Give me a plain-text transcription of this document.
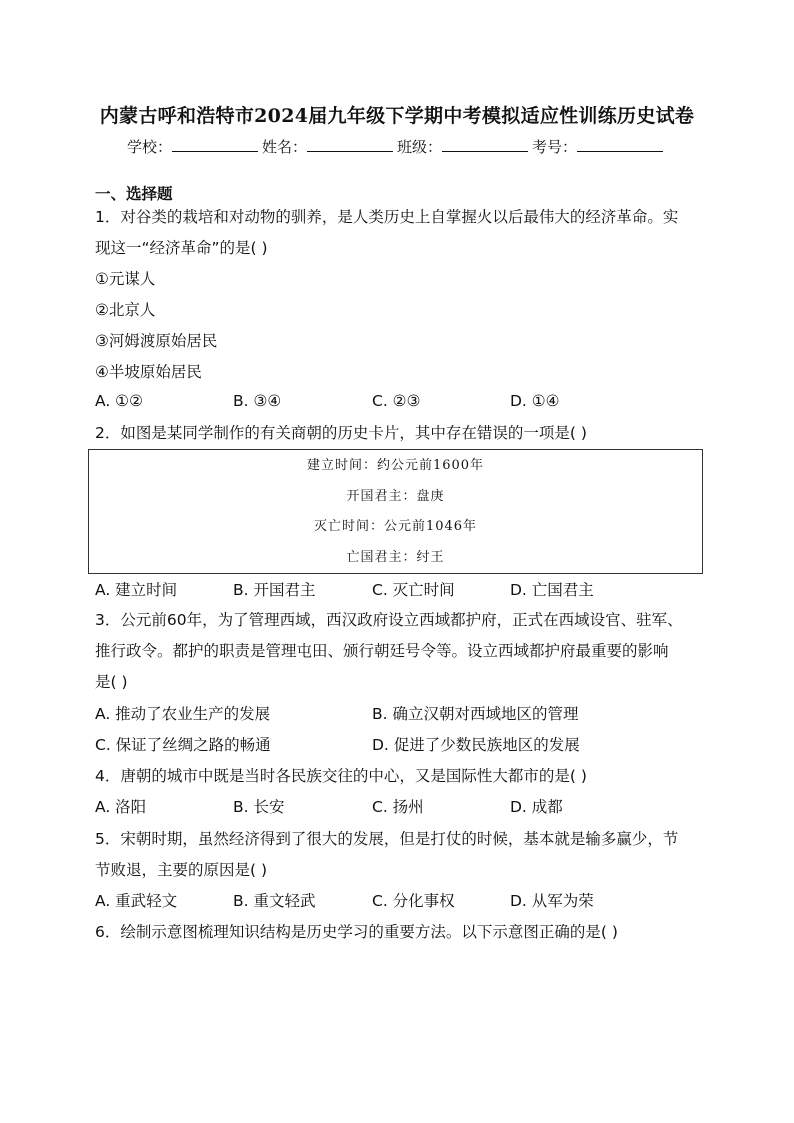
内蒙古呼和浩特市2024届九年级下学期中考模拟适应性训练历史试卷
学校：	姓名：	班级：	考号：
一、选择题
1．对谷类的栽培和对动物的驯养，是人类历史上自掌握火以后最伟大的经济革命。实
现这一“经济革命”的是( )
①元谋人
②北京人
③河姆渡原始居民
④半坡原始居民
A. ①②	B. ③④	C. ②③	D. ①④
2．如图是某同学制作的有关商朝的历史卡片，其中存在错误的一项是( )
建立时间：约公元前1600年
开国君主：盘庚
灭亡时间：公元前1046年
亡国君主：纣王
A. 建立时间	B. 开国君主	C. 灭亡时间	D. 亡国君主
3．公元前60年，为了管理西域，西汉政府设立西域都护府，正式在西域设官、驻军、
推行政令。都护的职责是管理屯田、颁行朝廷号令等。设立西域都护府最重要的影响
是( )
A. 推动了农业生产的发展	B. 确立汉朝对西域地区的管理
C. 保证了丝绸之路的畅通	D. 促进了少数民族地区的发展
4．唐朝的城市中既是当时各民族交往的中心，又是国际性大都市的是( )
A. 洛阳	B. 长安	C. 扬州	D. 成都
5．宋朝时期，虽然经济得到了很大的发展，但是打仗的时候，基本就是输多赢少，节
节败退，主要的原因是( )
A. 重武轻文	B. 重文轻武	C. 分化事权	D. 从军为荣
6．绘制示意图梳理知识结构是历史学习的重要方法。以下示意图正确的是( )
